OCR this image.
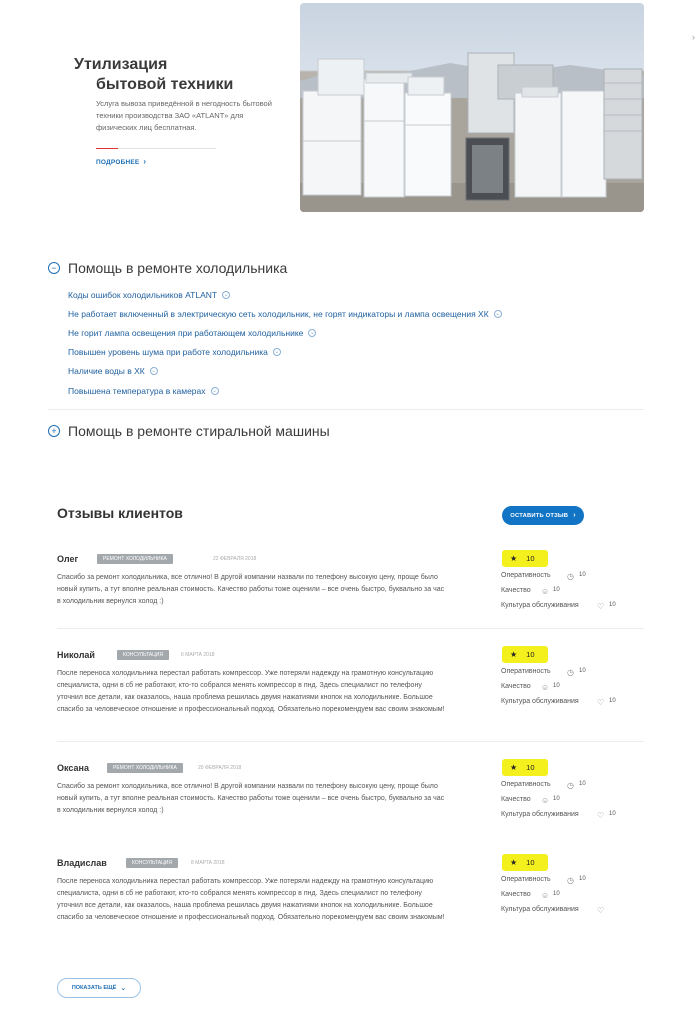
Утилизация
бытовой техники

Услуга вывоза приведённой в негодность бытовой техники производства ЗАО «ATLANT» для физических лиц бесплатная.

ПОДРОБНЕЕ ›
›
− Помощь в ремонте холодильника
Коды ошибок холодильников ATLANT ⌄
Не работает включенный в электрическую сеть холодильник, не горят индикаторы и лампа освещения ХК ⌄
Не горит лампа освещения при работающем холодильнике ⌄
Повышен уровень шума при работе холодильника ⌄
Наличие воды в ХК ⌄
Повышена температура в камерах ⌄
+ Помощь в ремонте стиральной машины
Отзывы клиентов	ОСТАВИТЬ ОТЗЫВ ›
Олег	РЕМОНТ ХОЛОДИЛЬНИКА	22 ФЕВРАЛЯ 2018

Спасибо за ремонт холодильника, все отлично! В другой компании назвали по телефону высокую цену, проще было новый купить, а тут вполне реальная стоимость. Качество работы тоже оценили – все очень быстро, буквально за час в холодильник вернулся холод :)

★ 10
Оперативность ◷ 10
Качество ☺ 10
Культура обслуживания ♡ 10
Николай	КОНСУЛЬТАЦИЯ	6 МАРТА 2018

После переноса холодильника перестал работать компрессор. Уже потеряли надежду на грамотную консультацию специалиста, одни в сб не работают, кто-то собрался менять компрессор в пнд. Здесь специалист по телефону уточнил все детали, как оказалось, наша проблема решилась двумя нажатиями кнопок на холодильнике. Большое спасибо за человеческое отношение и профессиональный подход. Обязательно порекомендуем вас своим знакомым!

★ 10
Оперативность ◷ 10
Качество ☺ 10
Культура обслуживания ♡ 10
Оксана	РЕМОНТ ХОЛОДИЛЬНИКА	20 ФЕВРАЛЯ 2018

Спасибо за ремонт холодильника, все отлично! В другой компании назвали по телефону высокую цену, проще было новый купить, а тут вполне реальная стоимость. Качество работы тоже оценили – все очень быстро, буквально за час в холодильник вернулся холод :)

★ 10
Оперативность ◷ 10
Качество ☺ 10
Культура обслуживания ♡ 10
Владислав	КОНСУЛЬТАЦИЯ	8 МАРТА 2018

После переноса холодильника перестал работать компрессор. Уже потеряли надежду на грамотную консультацию специалиста, одни в сб не работают, кто-то собрался менять компрессор в пнд. Здесь специалист по телефону уточнил все детали, как оказалось, наша проблема решилась двумя нажатиями кнопок на холодильнике. Большое спасибо за человеческое отношение и профессиональный подход. Обязательно порекомендуем вас своим знакомым!

★ 10
Оперативность ◷ 10
Качество ☺ 10
Культура обслуживания ♡
ПОКАЗАТЬ ЕЩЁ ⌄
